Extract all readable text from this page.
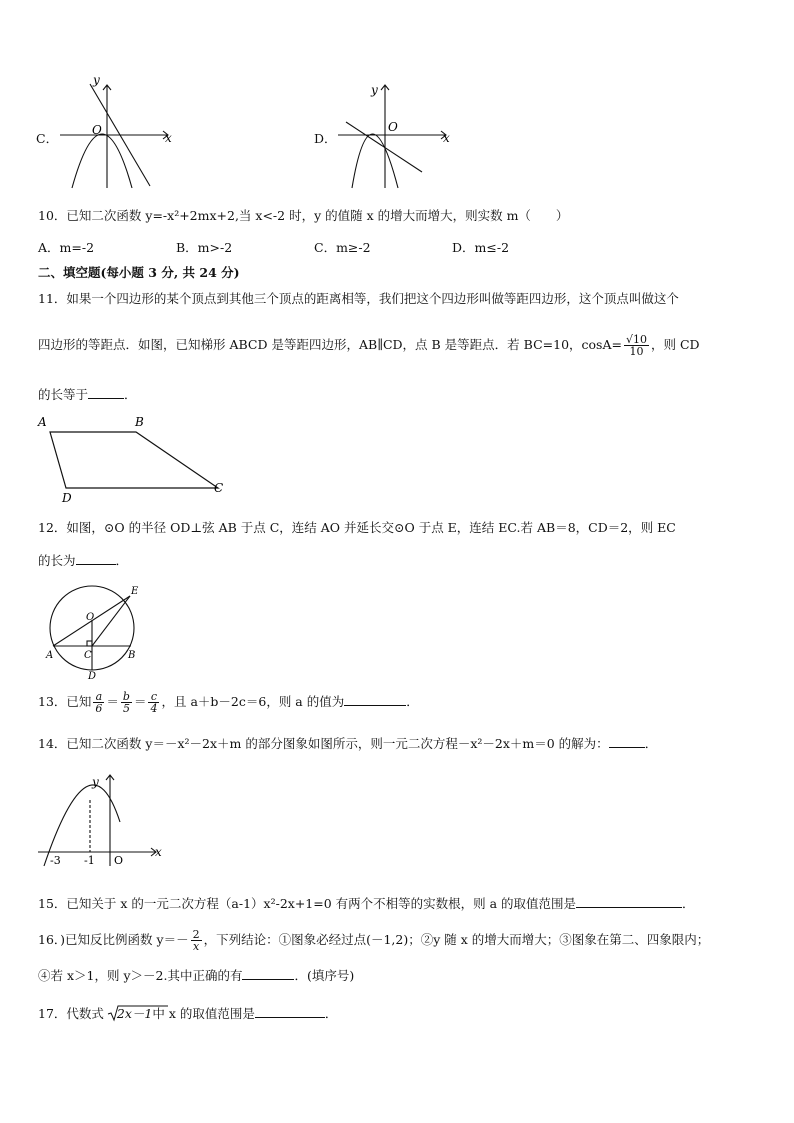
C．
y
x
O
D．
y
x
O
10．已知二次函数 y=-x²+2mx+2,当 x<-2 时，y 的值随 x 的增大而增大，则实数 m（　　）
A．m=-2	B．m>-2	C．m≥-2	D．m≤-2
二、填空题(每小题 3 分, 共 24 分)
11．如果一个四边形的某个顶点到其他三个顶点的距离相等，我们把这个四边形叫做等距四边形，这个顶点叫做这个
四边形的等距点．如图，已知梯形 ABCD 是等距四边形，AB∥CD，点 B 是等距点．若 BC=10，$\cos A= \frac{√10}{10}$ ，则 CD
的长等于	．
A	B
C
D
12．如图，⊙O 的半径 OD⊥弦 AB 于点 C，连结 AO 并延长交⊙O 于点 E，连结 EC.若 AB＝8，CD＝2，则 EC
的长为	．
O
E
A	B
C
D
13．已知 $\frac{a}{6} = \frac{b}{5} = \frac{c}{4}$ ，且 a＋b－2c＝6，则 a 的值为	．
14．已知二次函数 y＝－x²－2x＋m 的部分图象如图所示，则一元二次方程－x²－2x＋m＝0 的解为：	．
y
x
-3 -1 O
15．已知关于 x 的一元二次方程（a-1）x²-2x+1=0 有两个不相等的实数根，则 a 的取值范围是	．
16．)已知反比例函数 $y=- \frac{2}{x}$ ，下列结论：①图象必经过点(－1,2)；②y 随 x 的增大而增大；③图象在第二、四象限内；
④若 x＞1，则 y＞－2.其中正确的有	．(填序号)
17．代数式 2x－1中 x 的取值范围是	．
